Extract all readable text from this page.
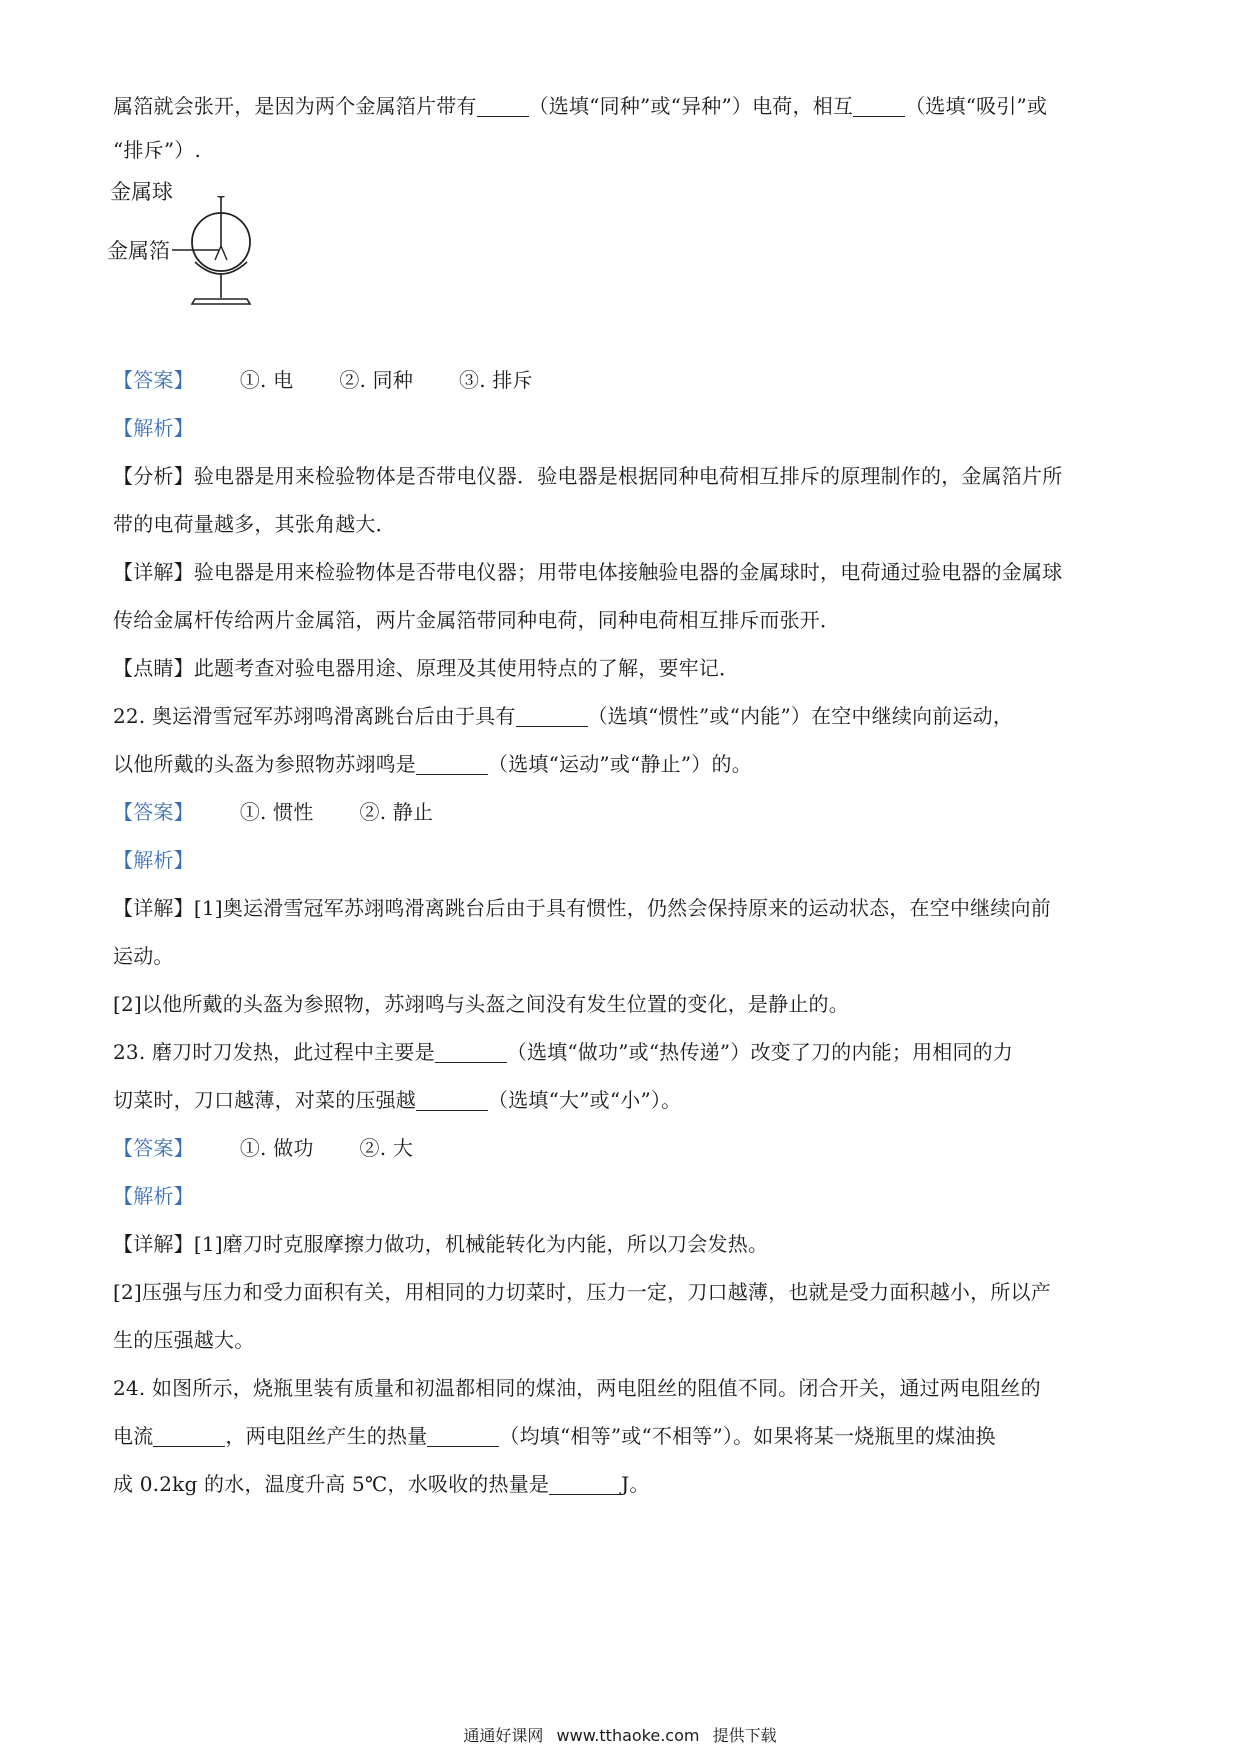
属箔就会张开，是因为两个金属箔片带有	（选填“同种”或“异种”）电荷，相互	（选填“吸引”或
“排斥”）.
金属球
金属箔
【答案】 ①. 电 ②. 同种 ③. 排斥
【解析】
【分析】验电器是用来检验物体是否带电仪器．验电器是根据同种电荷相互排斥的原理制作的，金属箔片所
带的电荷量越多，其张角越大．
【详解】验电器是用来检验物体是否带电仪器；用带电体接触验电器的金属球时，电荷通过验电器的金属球
传给金属杆传给两片金属箔，两片金属箔带同种电荷，同种电荷相互排斥而张开．
【点睛】此题考查对验电器用途、原理及其使用特点的了解，要牢记．
22. 奥运滑雪冠军苏翊鸣滑离跳台后由于具有	（选填“惯性”或“内能”）在空中继续向前运动，
以他所戴的头盔为参照物苏翊鸣是	（选填“运动”或“静止”）的。
【答案】 ①. 惯性 ②. 静止
【解析】
【详解】[1]奥运滑雪冠军苏翊鸣滑离跳台后由于具有惯性，仍然会保持原来的运动状态，在空中继续向前
运动。
[2]以他所戴的头盔为参照物，苏翊鸣与头盔之间没有发生位置的变化，是静止的。
23. 磨刀时刀发热，此过程中主要是	（选填“做功”或“热传递”）改变了刀的内能；用相同的力
切菜时，刀口越薄，对菜的压强越	（选填“大”或“小”）。
【答案】 ①. 做功 ②. 大
【解析】
【详解】[1]磨刀时克服摩擦力做功，机械能转化为内能，所以刀会发热。
[2]压强与压力和受力面积有关，用相同的力切菜时，压力一定，刀口越薄，也就是受力面积越小，所以产
生的压强越大。
24. 如图所示，烧瓶里装有质量和初温都相同的煤油，两电阻丝的阻值不同。闭合开关，通过两电阻丝的
电流	，两电阻丝产生的热量	（均填“相等”或“不相等”）。如果将某一烧瓶里的煤油换
成 0.2kg 的水，温度升高 5℃，水吸收的热量是	J。
通通好课网 www.tthaoke.com 提供下载
